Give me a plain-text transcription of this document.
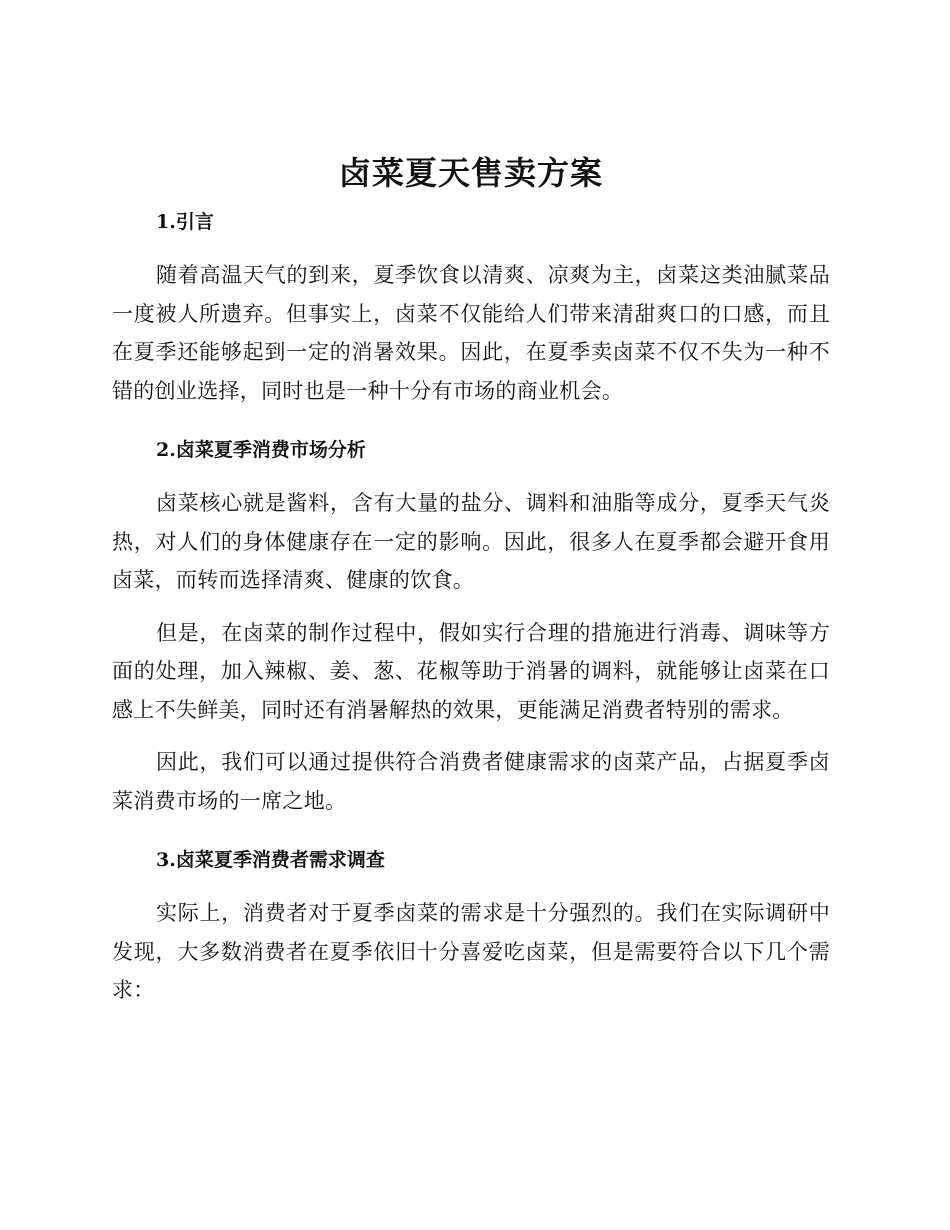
卤菜夏天售卖方案
1.引言

随着高温天气的到来，夏季饮食以清爽、凉爽为主，卤菜这类油腻菜品一度被人所遗弃。但事实上，卤菜不仅能给人们带来清甜爽口的口感，而且在夏季还能够起到一定的消暑效果。因此，在夏季卖卤菜不仅不失为一种不错的创业选择，同时也是一种十分有市场的商业机会。

2.卤菜夏季消费市场分析

卤菜核心就是酱料，含有大量的盐分、调料和油脂等成分，夏季天气炎热，对人们的身体健康存在一定的影响。因此，很多人在夏季都会避开食用卤菜，而转而选择清爽、健康的饮食。

但是，在卤菜的制作过程中，假如实行合理的措施进行消毒、调味等方面的处理，加入辣椒、姜、葱、花椒等助于消暑的调料，就能够让卤菜在口感上不失鲜美，同时还有消暑解热的效果，更能满足消费者特别的需求。

因此，我们可以通过提供符合消费者健康需求的卤菜产品，占据夏季卤菜消费市场的一席之地。

3.卤菜夏季消费者需求调查

实际上，消费者对于夏季卤菜的需求是十分强烈的。我们在实际调研中发现，大多数消费者在夏季依旧十分喜爱吃卤菜，但是需要符合以下几个需求：
